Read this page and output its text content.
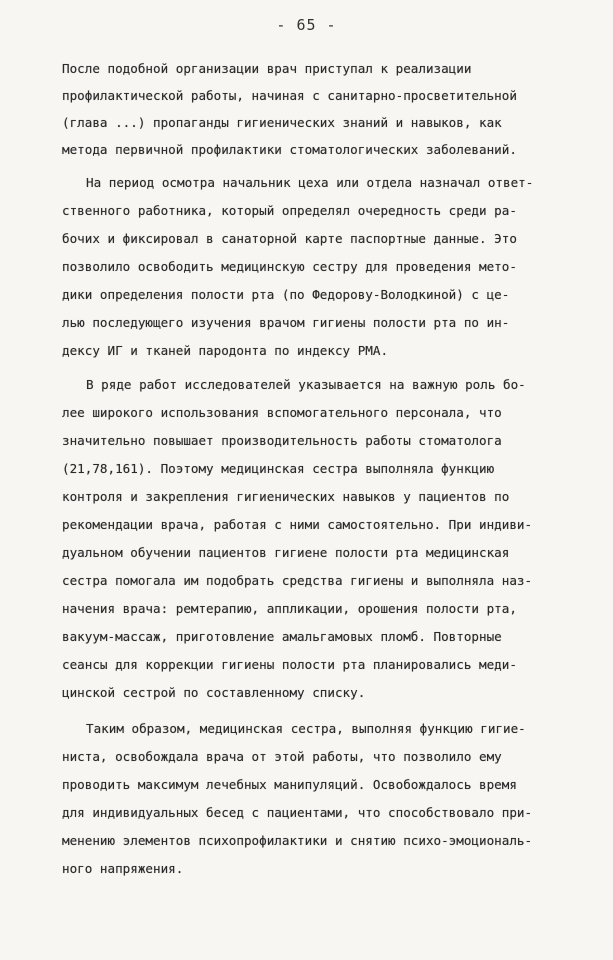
- 65 -
После подобной организации врач приступал к реализации
профилактической работы, начиная с санитарно-просветительной
(глава ...) пропаганды гигиенических знаний и навыков, как
метода первичной профилактики стоматологических заболеваний.
На период осмотра начальник цеха или отдела назначал ответ-
ственного работника, который определял очередность среди ра-
бочих и фиксировал в санаторной карте паспортные данные. Это
позволило освободить медицинскую сестру для проведения мето-
дики определения полости рта (по Федорову-Володкиной) с це-
лью последующего изучения врачом гигиены полости рта по ин-
дексу ИГ и тканей пародонта по индексу РМА.
В ряде работ исследователей указывается на важную роль бо-
лее широкого использования вспомогательного персонала, что
значительно повышает производительность работы стоматолога
(21,78,161). Поэтому медицинская сестра выполняла функцию
контроля и закрепления гигиенических навыков у пациентов по
рекомендации врача, работая с ними самостоятельно. При индиви-
дуальном обучении пациентов гигиене полости рта медицинская
сестра помогала им подобрать средства гигиены и выполняла наз-
начения врача: ремтерапию, аппликации, орошения полости рта,
вакуум-массаж, приготовление амальгамовых пломб. Повторные
сеансы для коррекции гигиены полости рта планировались меди-
цинской сестрой по составленному списку.
Таким образом, медицинская сестра, выполняя функцию гигие-
ниста, освобождала врача от этой работы, что позволило ему
проводить максимум лечебных манипуляций. Освобождалось время
для индивидуальных бесед с пациентами, что способствовало при-
менению элементов психопрофилактики и снятию психо-эмоциональ-
ного напряжения.
